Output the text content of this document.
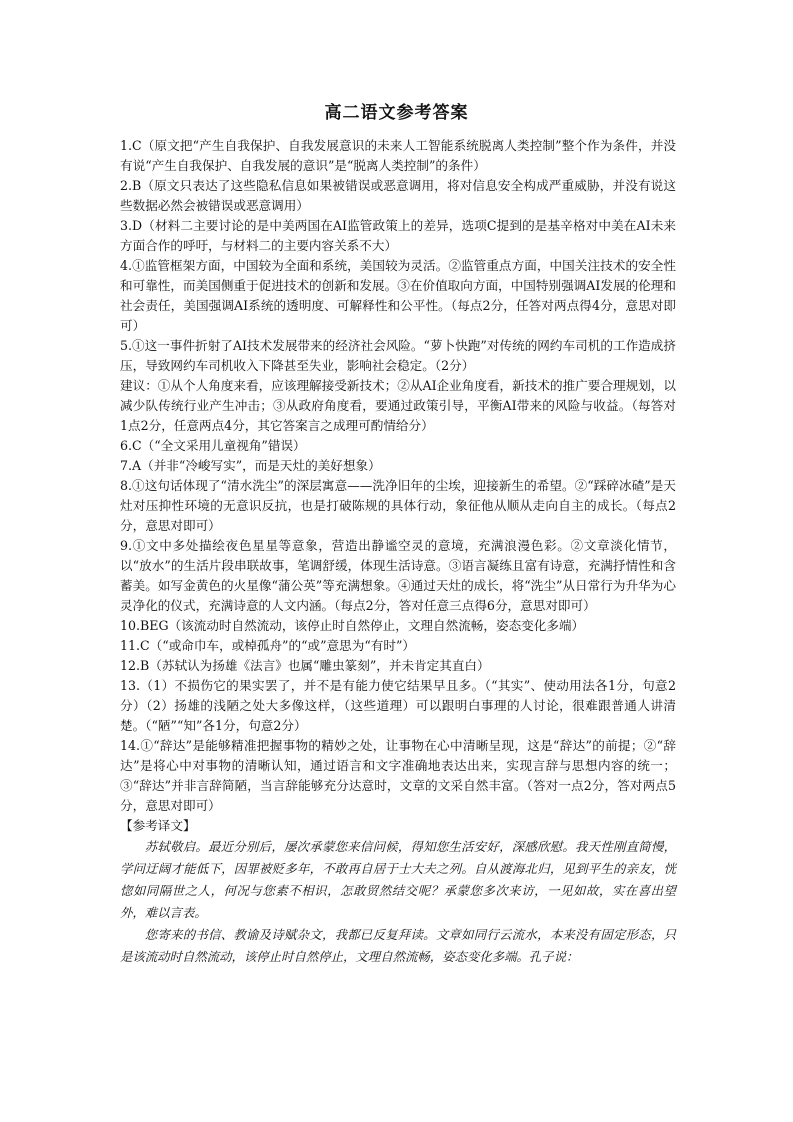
高二语文参考答案

1.C（原文把“产生自我保护、自我发展意识的未来人工智能系统脱离人类控制”整个作为条件，并没有说“产生自我保护、自我发展的意识”是“脱离人类控制”的条件）

2.B（原文只表达了这些隐私信息如果被错误或恶意调用，将对信息安全构成严重威胁，并没有说这些数据必然会被错误或恶意调用）

3.D（材料二主要讨论的是中美两国在AI监管政策上的差异，选项C提到的是基辛格对中美在AI未来方面合作的呼吁，与材料二的主要内容关系不大）

4.①监管框架方面，中国较为全面和系统，美国较为灵活。②监管重点方面，中国关注技术的安全性和可靠性，而美国侧重于促进技术的创新和发展。③在价值取向方面，中国特别强调AI发展的伦理和社会责任，美国强调AI系统的透明度、可解释性和公平性。（每点2分，任答对两点得4分，意思对即可）

5.①这一事件折射了AI技术发展带来的经济社会风险。“萝卜快跑”对传统的网约车司机的工作造成挤压，导致网约车司机收入下降甚至失业，影响社会稳定。（2分）

建议：①从个人角度来看，应该理解接受新技术；②从AI企业角度看，新技术的推广要合理规划，以减少队传统行业产生冲击；③从政府角度看，要通过政策引导，平衡AI带来的风险与收益。（每答对1点2分，任意两点4分，其它答案言之成理可酌情给分）

6.C（“全文采用儿童视角”错误）

7.A（并非“冷峻写实”，而是天灶的美好想象）

8.①这句话体现了“清水洗尘”的深层寓意——洗净旧年的尘埃，迎接新生的希望。②“踩碎冰碴”是天灶对压抑性环境的无意识反抗，也是打破陈规的具体行动，象征他从顺从走向自主的成长。（每点2分，意思对即可）

9.①文中多处描绘夜色星星等意象，营造出静谧空灵的意境，充满浪漫色彩。②文章淡化情节，以“放水”的生活片段串联故事，笔调舒缓，体现生活诗意。③语言凝练且富有诗意，充满抒情性和含蓄美。如写金黄色的火星像“蒲公英”等充满想象。④通过天灶的成长，将“洗尘”从日常行为升华为心灵净化的仪式，充满诗意的人文内涵。（每点2分，答对任意三点得6分，意思对即可）

10.BEG（该流动时自然流动，该停止时自然停止，文理自然流畅，姿态变化多端）

11.C（“或命巾车，或棹孤舟”的“或”意思为“有时”）

12.B（苏轼认为扬雄《法言》也属“雕虫篆刻”，并未肯定其直白）

13.（1）不损伤它的果实罢了，并不是有能力使它结果早且多。（“其实”、使动用法各1分，句意2分）（2）扬雄的浅陋之处大多像这样，（这些道理）可以跟明白事理的人讨论，很难跟普通人讲清楚。（“陋”“知”各1分，句意2分）

14.①“辞达”是能够精准把握事物的精妙之处，让事物在心中清晰呈现，这是“辞达”的前提；②“辞达”是将心中对事物的清晰认知，通过语言和文字准确地表达出来，实现言辞与思想内容的统一；③“辞达”并非言辞简陋，当言辞能够充分达意时，文章的文采自然丰富。（答对一点2分，答对两点5分，意思对即可）

【参考译文】

苏轼敬启。最近分别后，屡次承蒙您来信问候，得知您生活安好，深感欣慰。我天性刚直简慢，学问迂阔才能低下，因罪被贬多年，不敢再自居于士大夫之列。自从渡海北归，见到平生的亲友，恍惚如同隔世之人，何况与您素不相识，怎敢贸然结交呢？承蒙您多次来访，一见如故，实在喜出望外，难以言表。

您寄来的书信、教谕及诗赋杂文，我都已反复拜读。文章如同行云流水，本来没有固定形态，只是该流动时自然流动，该停止时自然停止，文理自然流畅，姿态变化多端。孔子说：
